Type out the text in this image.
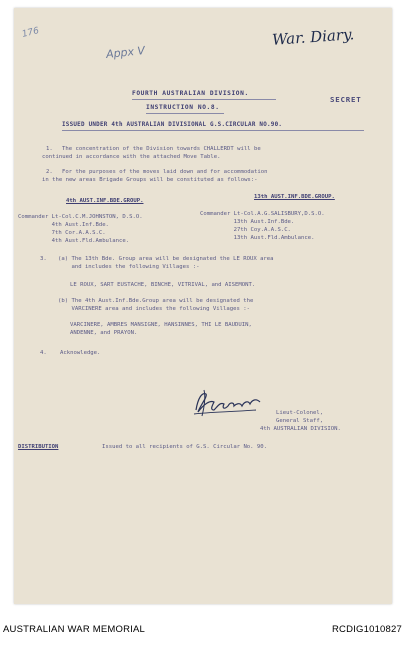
176
Appx V
War. Diary.
FOURTH AUSTRALIAN DIVISION.
SECRET
INSTRUCTION NO.8.
ISSUED UNDER 4th AUSTRALIAN DIVISIONAL G.S.CIRCULAR NO.90.
1. The concentration of the Division towards CHALLERDT will be
continued in accordance with the attached Move Table.
2. For the purposes of the moves laid down and for accommodation
in the new areas Brigade Groups will be constituted as follows:-
4th AUST.INF.BDE.GROUP.
13th AUST.INF.BDE.GROUP.
Commander Lt-Col.C.M.JOHNSTON, D.S.O.
4th Aust.Inf.Bde.
7th Cor.A.A.S.C.
4th Aust.Fld.Ambulance.
Commander Lt-Col.A.G.SALISBURY,D.S.O.
13th Aust.Inf.Bde.
27th Coy.A.A.S.C.
13th Aust.Fld.Ambulance.
3. (a) The 13th Bde. Group area will be designated the LE ROUX area
and includes the following Villages :-
LE ROUX, SART EUSTACHE, BINCHE, VITRIVAL, and AISEMONT.
(b) The 4th Aust.Inf.Bde.Group area will be designated the
VARCINERE area and includes the following Villages :-
VARCINERE, AMBRES MANSIGNE, HANSINNES, THI LE BAUDUIN,
ANDENNE, and PRAYON.
4. Acknowledge.
Lieut-Colonel,
General Staff,
4th AUSTRALIAN DIVISION.
DISTRIBUTION	Issued to all recipients of G.S. Circular No. 90.
AUSTRALIAN WAR MEMORIAL	RCDIG1010827
